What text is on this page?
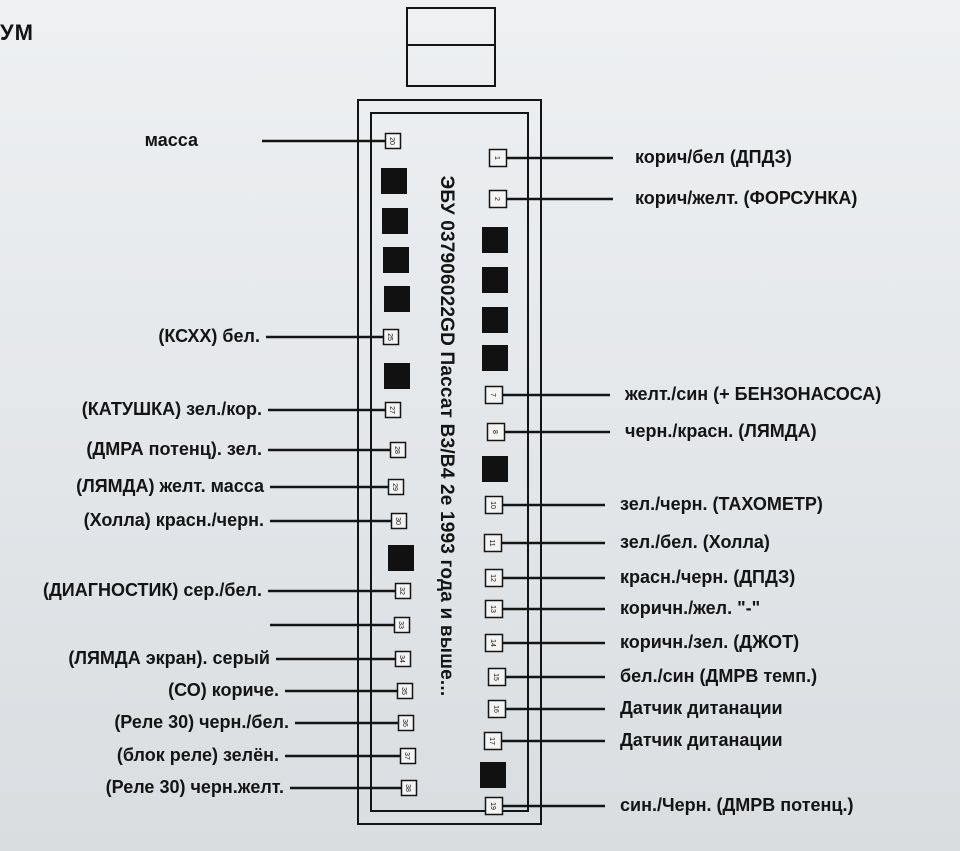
УМ
20
25
27
28
29
30
32
33
34
35
36
37
38
1
2
7
8
10
11
12
13
14
15
16
17
19
ЭБУ 037906022GD Пассат В3/В4 2е 1993 года и выше...
масса
(КСХХ) бел.
(КАТУШКА) зел./кор.
(ДМРА потенц). зел.
(ЛЯМДА) желт. масса
(Холла) красн./черн.
(ДИАГНОСТИК) сер./бел.
(ЛЯМДА экран). серый
(СО) кориче.
(Реле 30) черн./бел.
(блок реле) зелён.
(Реле 30) черн.желт.
корич/бел (ДПДЗ)
корич/желт. (ФОРСУНКА)
желт./син (+ БЕНЗОНАСОСА)
черн./красн. (ЛЯМДА)
зел./черн. (ТАХОМЕТР)
зел./бел. (Холла)
красн./черн. (ДПДЗ)
коричн./жел. "-"
коричн./зел. (ДЖОТ)
бел./син (ДМРВ темп.)
Датчик дитанации
Датчик дитанации
син./Черн. (ДМРВ потенц.)
